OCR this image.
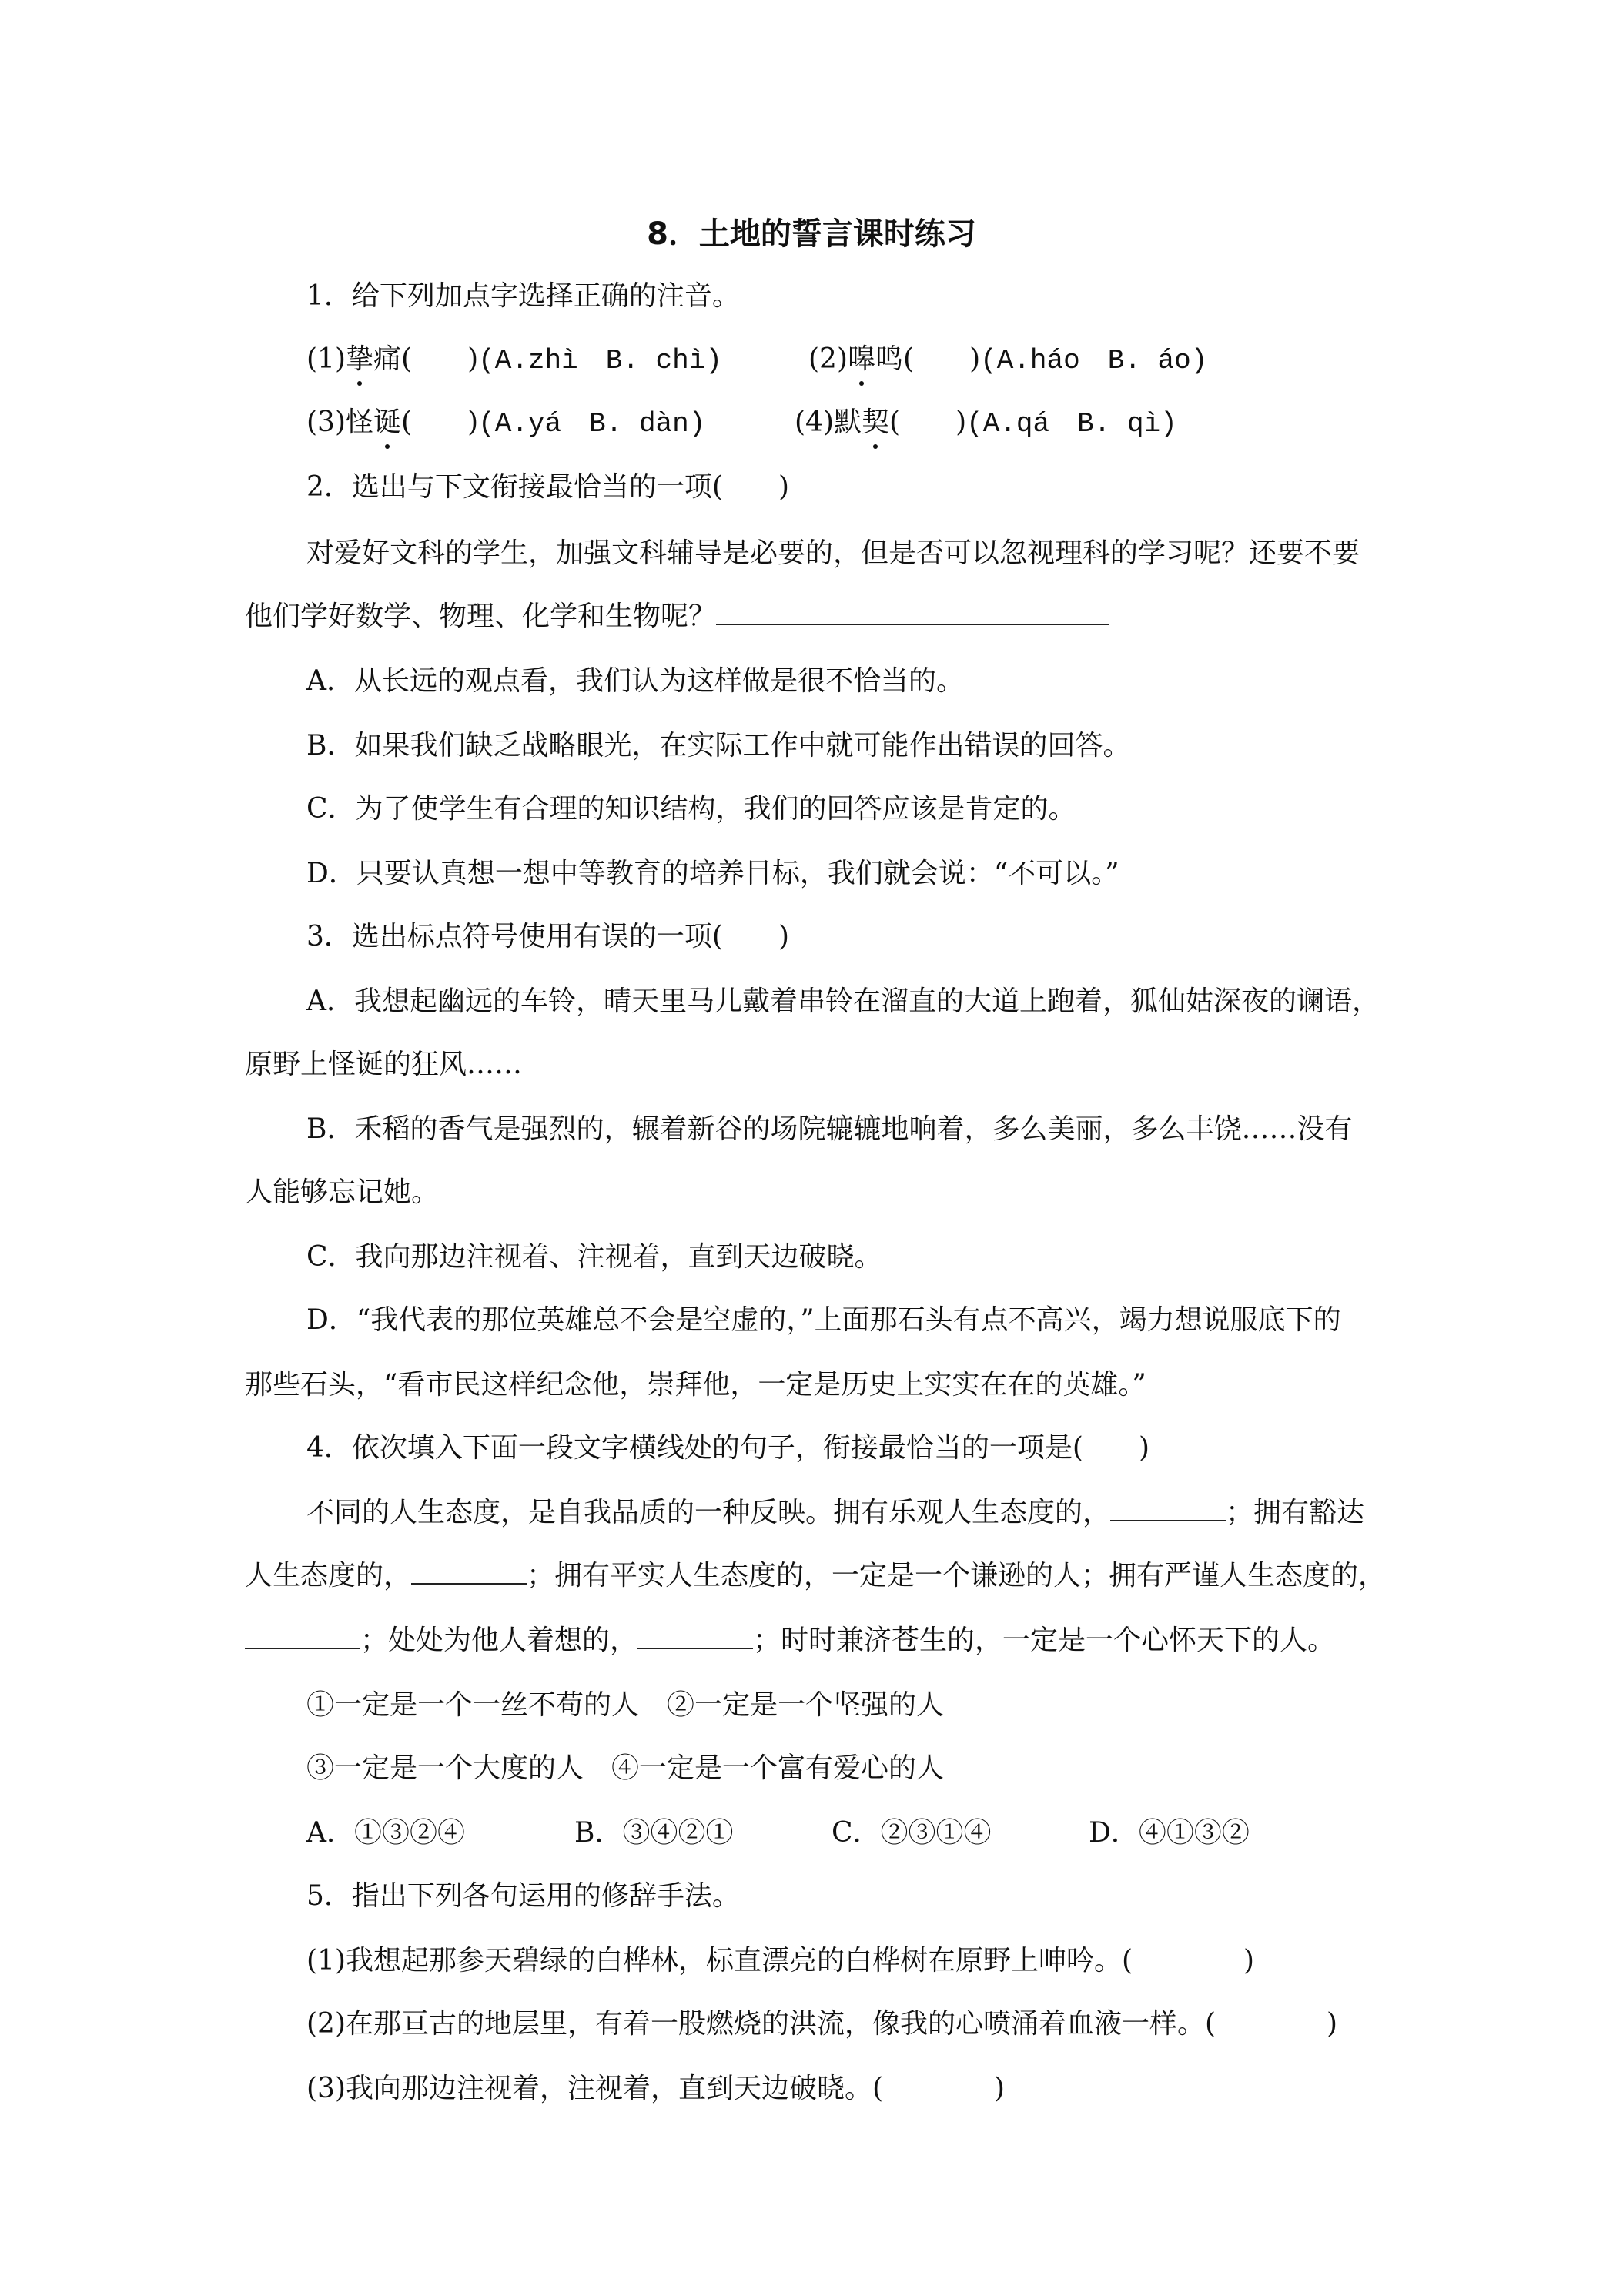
8．土地的誓言课时练习
1．给下列加点字选择正确的注音。
(1)挚痛(　　)(A.zhì　B. chì)	(2)嗥鸣(　　)(A.háo　B. áo)
(3)怪诞(　　)(A.yá　B. dàn)	(4)默契(　　)(A.qá　B. qì)
2．选出与下文衔接最恰当的一项(　　)
对爱好文科的学生，加强文科辅导是必要的，但是否可以忽视理科的学习呢？还要不要
他们学好数学、物理、化学和生物呢？
A．从长远的观点看，我们认为这样做是很不恰当的。
B．如果我们缺乏战略眼光，在实际工作中就可能作出错误的回答。
C．为了使学生有合理的知识结构，我们的回答应该是肯定的。
D．只要认真想一想中等教育的培养目标，我们就会说：“不可以。”
3．选出标点符号使用有误的一项(　　)
A．我想起幽远的车铃，晴天里马儿戴着串铃在溜直的大道上跑着，狐仙姑深夜的谰语，
原野上怪诞的狂风……
B．禾稻的香气是强烈的，辗着新谷的场院辘辘地响着，多么美丽，多么丰饶……没有
人能够忘记她。
C．我向那边注视着、注视着，直到天边破晓。
D．“我代表的那位英雄总不会是空虚的，”上面那石头有点不高兴，竭力想说服底下的
那些石头，“看市民这样纪念他，崇拜他，一定是历史上实实在在的英雄。”
4．依次填入下面一段文字横线处的句子，衔接最恰当的一项是(　　)
不同的人生态度，是自我品质的一种反映。拥有乐观人生态度的，	；拥有豁达
人生态度的，	；拥有平实人生态度的，一定是一个谦逊的人；拥有严谨人生态度的，
；处处为他人着想的，	；时时兼济苍生的，一定是一个心怀天下的人。
①一定是一个一丝不苟的人　②一定是一个坚强的人
③一定是一个大度的人　④一定是一个富有爱心的人
A．①③②④	B．③④②①	C．②③①④	D．④①③②
5．指出下列各句运用的修辞手法。
(1)我想起那参天碧绿的白桦林，标直漂亮的白桦树在原野上呻吟。(　　　　)
(2)在那亘古的地层里，有着一股燃烧的洪流，像我的心喷涌着血液一样。(　　　　)
(3)我向那边注视着，注视着，直到天边破晓。(　　　　)
